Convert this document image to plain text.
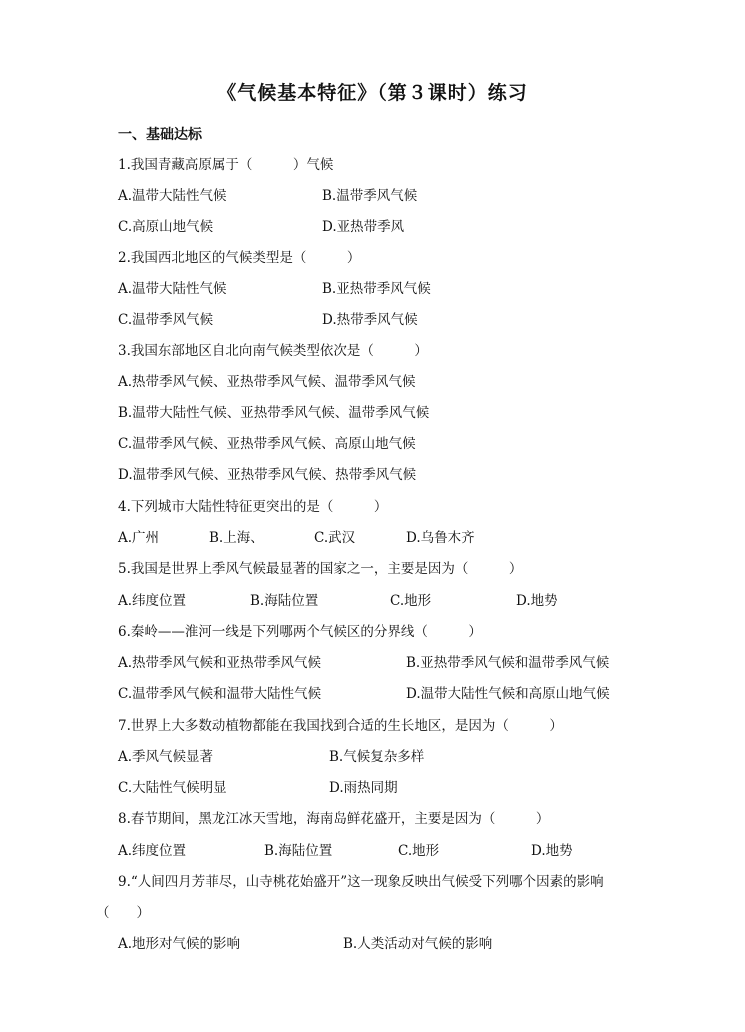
《气候基本特征》（第３课时）练习
一、基础达标
1.我国青藏高原属于（　　　）气候
A.温带大陆性气候	B.温带季风气候
C.高原山地气候	D.亚热带季风
2.我国西北地区的气候类型是（　　　）
A.温带大陆性气候	B.亚热带季风气候
C.温带季风气候	D.热带季风气候
3.我国东部地区自北向南气候类型依次是（　　　）
A.热带季风气候、亚热带季风气候、温带季风气候
B.温带大陆性气候、亚热带季风气候、温带季风气候
C.温带季风气候、亚热带季风气候、高原山地气候
D.温带季风气候、亚热带季风气候、热带季风气候
4.下列城市大陆性特征更突出的是（　　　）
A.广州	B.上海、	C.武汉	D.乌鲁木齐
5.我国是世界上季风气候最显著的国家之一，主要是因为（　　　）
A.纬度位置	B.海陆位置	C.地形	D.地势
6.秦岭——淮河一线是下列哪两个气候区的分界线（　　　）
A.热带季风气候和亚热带季风气候	B.亚热带季风气候和温带季风气候
C.温带季风气候和温带大陆性气候	D.温带大陆性气候和高原山地气候
7.世界上大多数动植物都能在我国找到合适的生长地区，是因为（　　　）
A.季风气候显著	B.气候复杂多样
C.大陆性气候明显	D.雨热同期
8.春节期间，黑龙江冰天雪地，海南岛鲜花盛开，主要是因为（　　　）
A.纬度位置	B.海陆位置	C.地形	D.地势
9.“人间四月芳菲尽，山寺桃花始盛开”这一现象反映出气候受下列哪个因素的影响
（　　）
A.地形对气候的影响	B.人类活动对气候的影响
